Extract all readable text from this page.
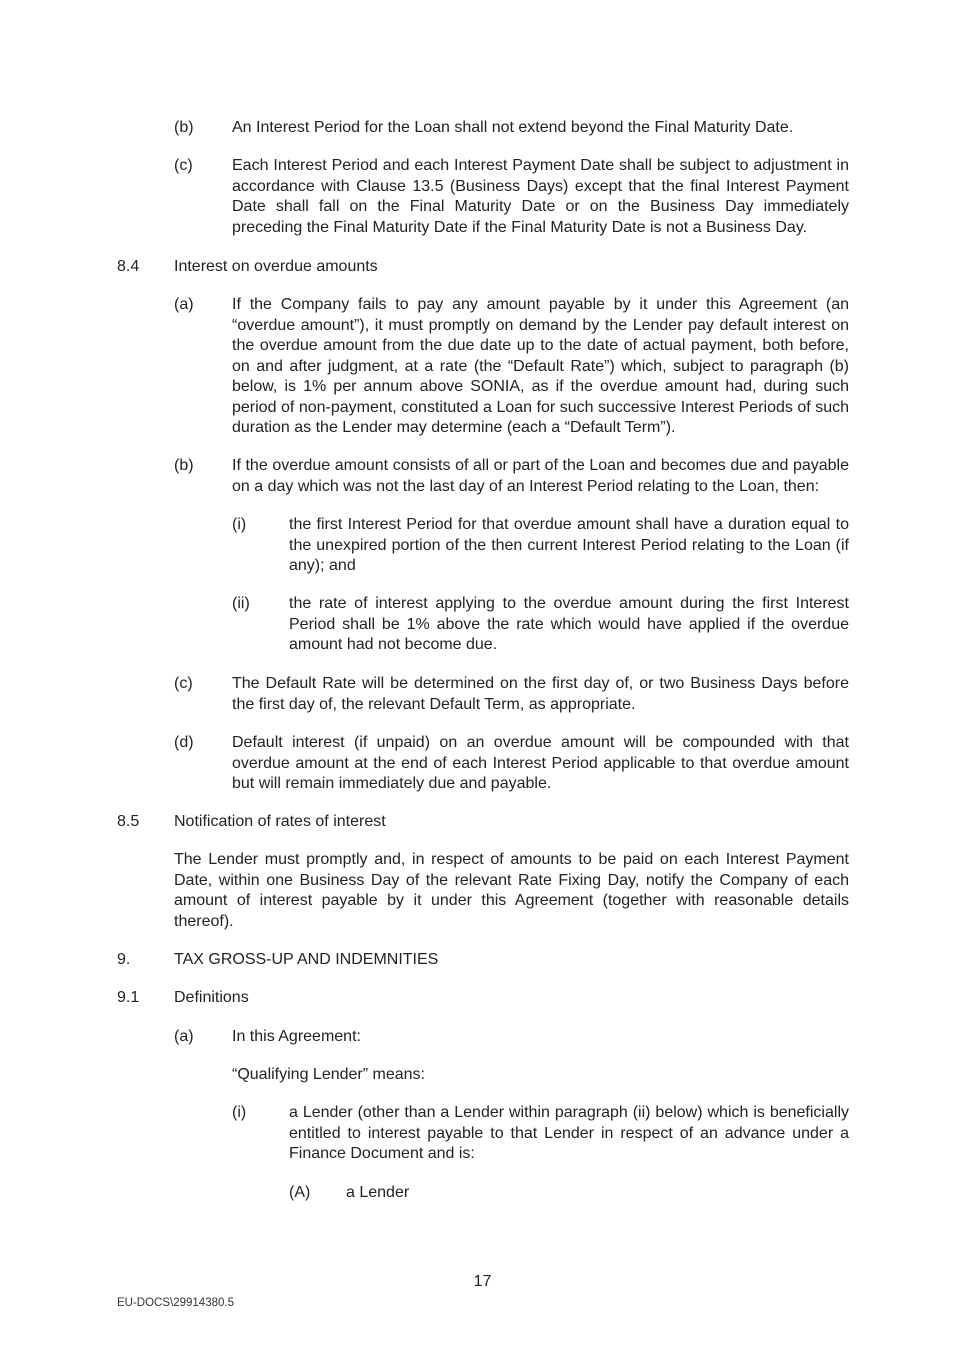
(b) An Interest Period for the Loan shall not extend beyond the Final Maturity Date.
(c) Each Interest Period and each Interest Payment Date shall be subject to adjustment in accordance with Clause 13.5 (Business Days) except that the final Interest Payment Date shall fall on the Final Maturity Date or on the Business Day immediately preceding the Final Maturity Date if the Final Maturity Date is not a Business Day.
8.4 Interest on overdue amounts
(a) If the Company fails to pay any amount payable by it under this Agreement (an “overdue amount”), it must promptly on demand by the Lender pay default interest on the overdue amount from the due date up to the date of actual payment, both before, on and after judgment, at a rate (the “Default Rate”) which, subject to paragraph (b) below, is 1% per annum above SONIA, as if the overdue amount had, during such period of non-payment, constituted a Loan for such successive Interest Periods of such duration as the Lender may determine (each a “Default Term”).
(b) If the overdue amount consists of all or part of the Loan and becomes due and payable on a day which was not the last day of an Interest Period relating to the Loan, then:
(i)	the first Interest Period for that overdue amount shall have a duration equal to the unexpired portion of the then current Interest Period relating to the Loan (if any); and
(ii) the rate of interest applying to the overdue amount during the first Interest Period shall be 1% above the rate which would have applied if the overdue amount had not become due.
(c) The Default Rate will be determined on the first day of, or two Business Days before the first day of, the relevant Default Term, as appropriate.
(d) Default interest (if unpaid) on an overdue amount will be compounded with that overdue amount at the end of each Interest Period applicable to that overdue amount but will remain immediately due and payable.
8.5 Notification of rates of interest
The Lender must promptly and, in respect of amounts to be paid on each Interest Payment Date, within one Business Day of the relevant Rate Fixing Day, notify the Company of each amount of interest payable by it under this Agreement (together with reasonable details thereof).
9.	TAX GROSS-UP AND INDEMNITIES
9.1 Definitions
(a) In this Agreement:
“Qualifying Lender” means:
(i)	a Lender (other than a Lender within paragraph (ii) below) which is beneficially entitled to interest payable to that Lender in respect of an advance under a Finance Document and is:
(A) a Lender
17
EU-DOCS\29914380.5
